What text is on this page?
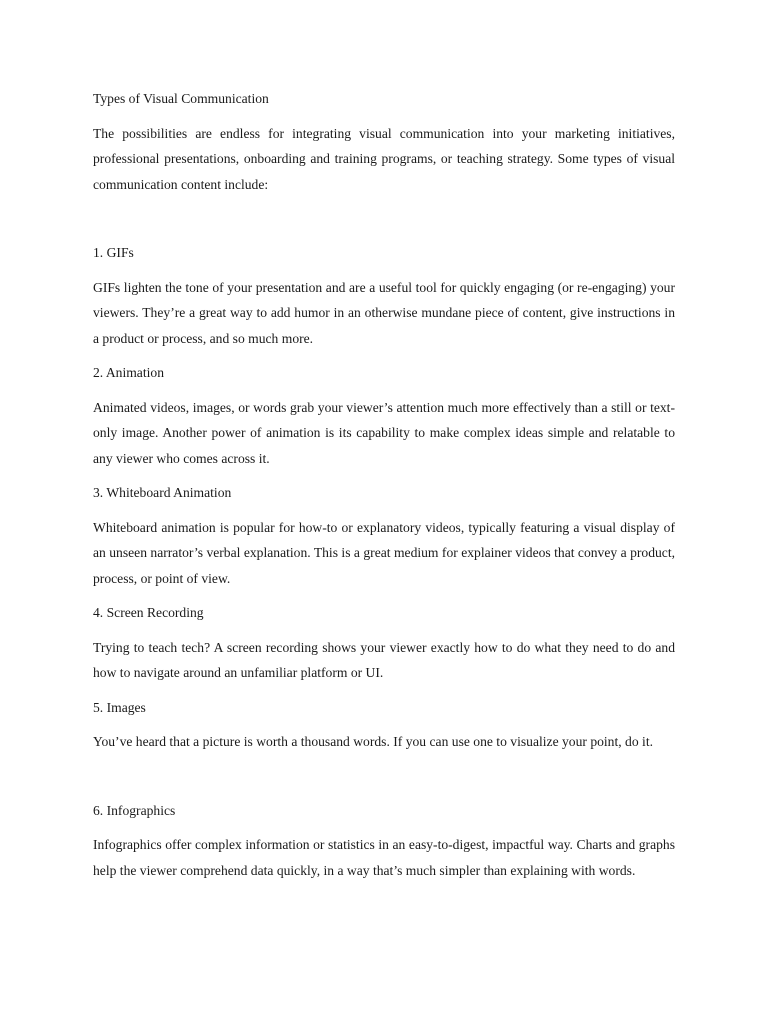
Types of Visual Communication

The possibilities are endless for integrating visual communication into your marketing initiatives, professional presentations, onboarding and training programs, or teaching strategy. Some types of visual communication content include:

1. GIFs

GIFs lighten the tone of your presentation and are a useful tool for quickly engaging (or re-engaging) your viewers. They’re a great way to add humor in an otherwise mundane piece of content, give instructions in a product or process, and so much more.

2. Animation

Animated videos, images, or words grab your viewer’s attention much more effectively than a still or text-only image. Another power of animation is its capability to make complex ideas simple and relatable to any viewer who comes across it.

3. Whiteboard Animation

Whiteboard animation is popular for how-to or explanatory videos, typically featuring a visual display of an unseen narrator’s verbal explanation. This is a great medium for explainer videos that convey a product, process, or point of view.

4. Screen Recording

Trying to teach tech? A screen recording shows your viewer exactly how to do what they need to do and how to navigate around an unfamiliar platform or UI.

5. Images

You’ve heard that a picture is worth a thousand words. If you can use one to visualize your point, do it.

6. Infographics

Infographics offer complex information or statistics in an easy-to-digest, impactful way. Charts and graphs help the viewer comprehend data quickly, in a way that’s much simpler than explaining with words.
